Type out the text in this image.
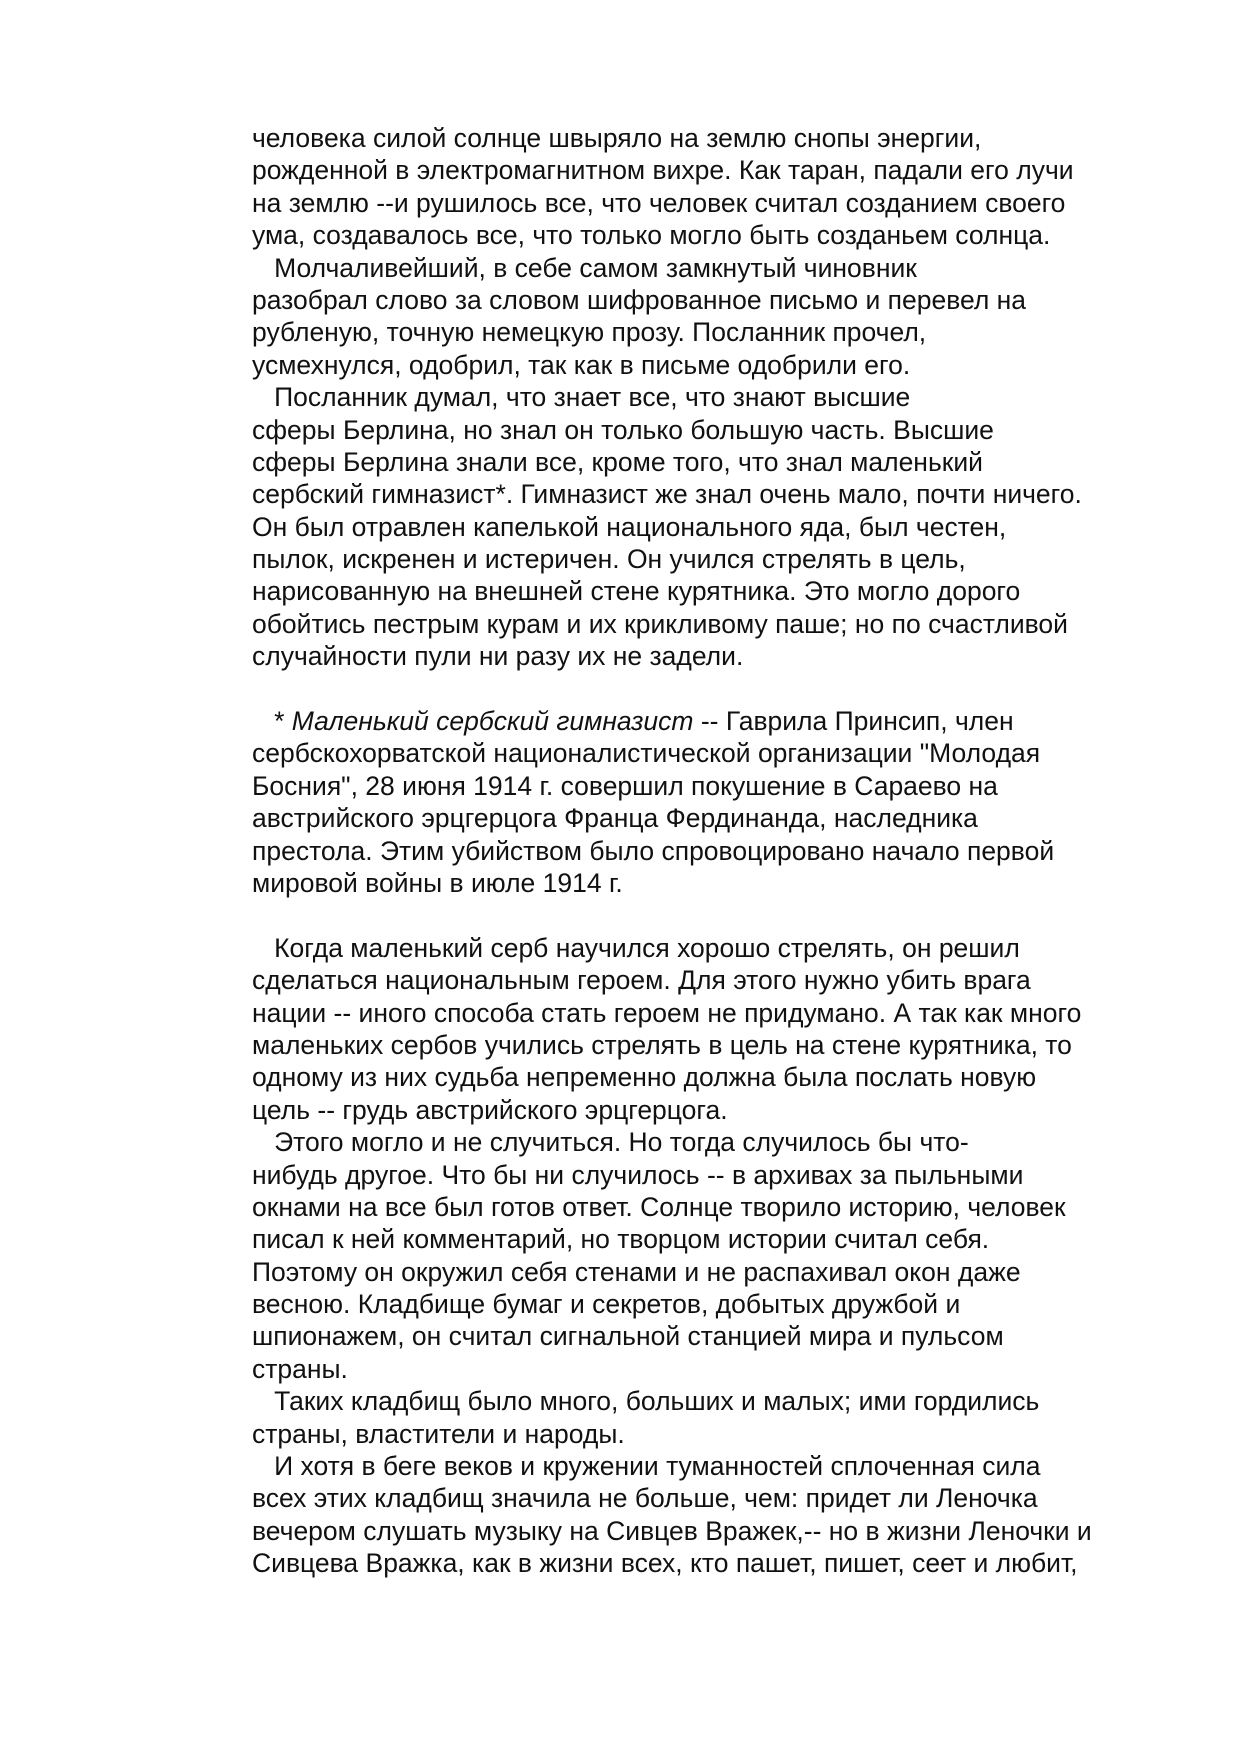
человека силой солнце швыряло на землю снопы энергии,
рожденной в электромагнитном вихре. Как таран, падали его лучи
на землю --и рушилось все, что человек считал созданием своего
ума, создавалось все, что только могло быть созданьем солнца.
Молчаливейший, в себе самом замкнутый чиновник
разобрал слово за словом шифрованное письмо и перевел на
рубленую, точную немецкую прозу. Посланник прочел,
усмехнулся, одобрил, так как в письме одобрили его.
Посланник думал, что знает все, что знают высшие
сферы Берлина, но знал он только большую часть. Высшие
сферы Берлина знали все, кроме того, что знал маленький
сербский гимназист*. Гимназист же знал очень мало, почти ничего.
Он был отравлен капелькой национального яда, был честен,
пылок, искренен и истеричен. Он учился стрелять в цель,
нарисованную на внешней стене курятника. Это могло дорого
обойтись пестрым курам и их крикливому паше; но по счастливой
случайности пули ни разу их не задели.
* Маленький сербский гимназист -- Гаврила Принсип, член
сербскохорватской националистической организации "Молодая
Босния", 28 июня 1914 г. совершил покушение в Сараево на
австрийского эрцгерцога Франца Фердинанда, наследника
престола. Этим убийством было спровоцировано начало первой
мировой войны в июле 1914 г.
Когда маленький серб научился хорошо стрелять, он решил
сделаться национальным героем. Для этого нужно убить врага
нации -- иного способа стать героем не придумано. А так как много
маленьких сербов учились стрелять в цель на стене курятника, то
одному из них судьба непременно должна была послать новую
цель -- грудь австрийского эрцгерцога.
Этого могло и не случиться. Но тогда случилось бы что-
нибудь другое. Что бы ни случилось -- в архивах за пыльными
окнами на все был готов ответ. Солнце творило историю, человек
писал к ней комментарий, но творцом истории считал себя.
Поэтому он окружил себя стенами и не распахивал окон даже
весною. Кладбище бумаг и секретов, добытых дружбой и
шпионажем, он считал сигнальной станцией мира и пульсом
страны.
Таких кладбищ было много, больших и малых; ими гордились
страны, властители и народы.
И хотя в беге веков и кружении туманностей сплоченная сила
всех этих кладбищ значила не больше, чем: придет ли Леночка
вечером слушать музыку на Сивцев Вражек,-- но в жизни Леночки и
Сивцева Вражка, как в жизни всех, кто пашет, пишет, сеет и любит,
